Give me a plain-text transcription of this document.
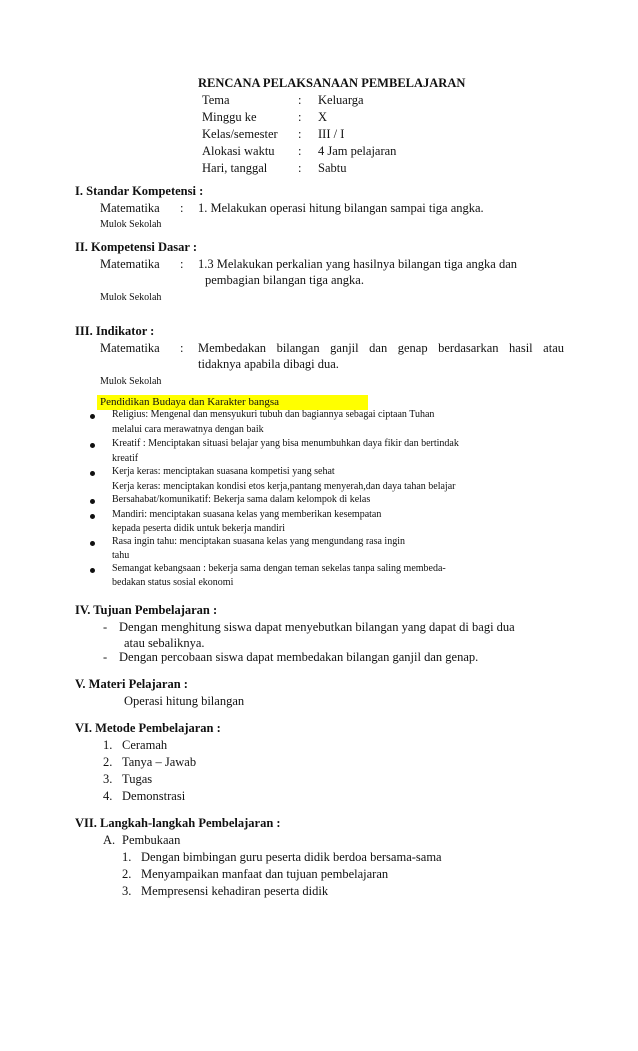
RENCANA PELAKSANAAN PEMBELAJARAN
Tema	: Keluarga
Minggu ke	: X
Kelas/semester : III / I
Alokasi waktu : 4 Jam pelajaran
Hari, tanggal : Sabtu
I. Standar Kompetensi :
Matematika : 1. Melakukan operasi hitung bilangan sampai tiga angka.
Mulok Sekolah
II. Kompetensi Dasar :
Matematika : 1.3 Melakukan perkalian yang hasilnya bilangan tiga angka dan
pembagian bilangan tiga angka.
Mulok Sekolah
III. Indikator :
Matematika : Membedakan bilangan ganjil dan genap berdasarkan hasil atau
tidaknya apabila dibagi dua.
Mulok Sekolah
Pendidikan Budaya dan Karakter bangsa
Religius: Mengenal dan mensyukuri tubuh dan bagiannya sebagai ciptaan Tuhan
melalui cara merawatnya dengan baik
Kreatif : Menciptakan situasi belajar yang bisa menumbuhkan daya fikir dan bertindak
kreatif
Kerja keras: menciptakan suasana kompetisi yang sehat
Kerja keras: menciptakan kondisi etos kerja,pantang menyerah,dan daya tahan belajar
Bersahabat/komunikatif: Bekerja sama dalam kelompok di kelas
Mandiri: menciptakan suasana kelas yang memberikan kesempatan
kepada peserta didik untuk bekerja mandiri
Rasa ingin tahu: menciptakan suasana kelas yang mengundang rasa ingin
tahu
Semangat kebangsaan : bekerja sama dengan teman sekelas tanpa saling membeda-
bedakan status sosial ekonomi
IV. Tujuan Pembelajaran :
- Dengan menghitung siswa dapat menyebutkan bilangan yang dapat di bagi dua
atau sebaliknya.
- Dengan percobaan siswa dapat membedakan bilangan ganjil dan genap.
V. Materi Pelajaran :
Operasi hitung bilangan
VI. Metode Pembelajaran :
1. Ceramah
2. Tanya – Jawab
3. Tugas
4. Demonstrasi
VII. Langkah-langkah Pembelajaran :
A. Pembukaan
1. Dengan bimbingan guru peserta didik berdoa bersama-sama
2. Menyampaikan manfaat dan tujuan pembelajaran
3. Mempresensi kehadiran peserta didik
